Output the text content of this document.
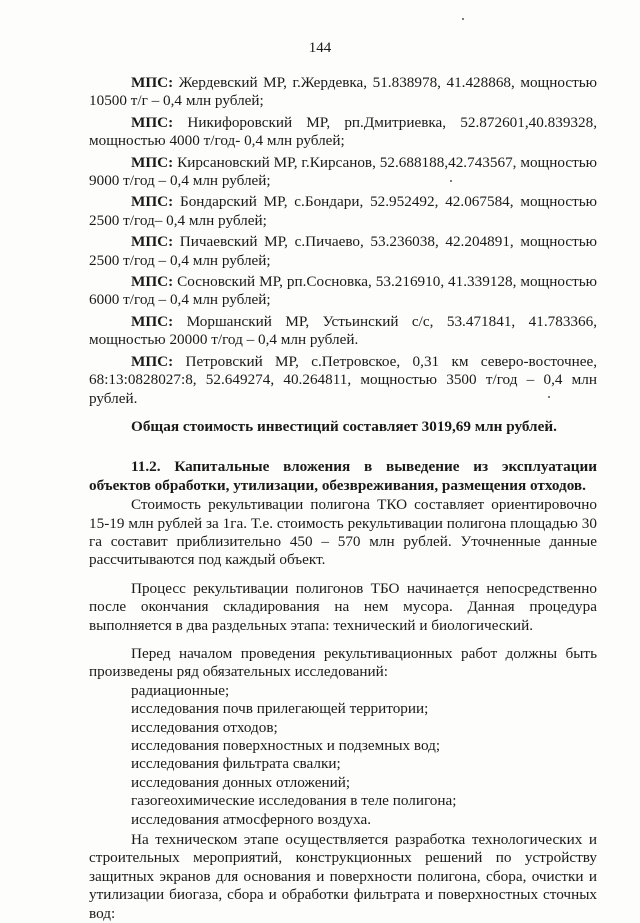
144

МПС: Жердевский МР, г.Жердевка, 51.838978, 41.428868, мощностью 10500 т/г – 0,4 млн рублей;

МПС: Никифоровский МР, рп.Дмитриевка, 52.872601,40.839328, мощностью 4000 т/год- 0,4 млн рублей;

МПС: Кирсановский МР, г.Кирсанов, 52.688188,42.743567, мощностью 9000 т/год – 0,4 млн рублей;

МПС: Бондарский МР, с.Бондари, 52.952492, 42.067584, мощностью 2500 т/год– 0,4 млн рублей;

МПС: Пичаевский МР, с.Пичаево, 53.236038, 42.204891, мощностью 2500 т/год – 0,4 млн рублей;

МПС: Сосновский МР, рп.Сосновка, 53.216910, 41.339128, мощностью 6000 т/год – 0,4 млн рублей;

МПС: Моршанский МР, Устьинский с/с, 53.471841, 41.783366, мощностью 20000 т/год – 0,4 млн рублей.

МПС: Петровский МР, с.Петровское, 0,31 км северо-восточнее, 68:13:0828027:8, 52.649274, 40.264811, мощностью 3500 т/год – 0,4 млн рублей.

Общая стоимость инвестиций составляет 3019,69 млн рублей.

11.2. Капитальные вложения в выведение из эксплуатации объектов обработки, утилизации, обезвреживания, размещения отходов.

Стоимость рекультивации полигона ТКО составляет ориентировочно 15-19 млн рублей за 1га. Т.е. стоимость рекультивации полигона площадью 30 га составит приблизительно 450 – 570 млн рублей. Уточненные данные рассчитываются под каждый объект.

Процесс рекультивации полигонов ТБО начинается непосредственно после окончания складирования на нем мусора. Данная процедура выполняется в два раздельных этапа: технический и биологический.

Перед началом проведения рекультивационных работ должны быть произведены ряд обязательных исследований:

радиационные;
исследования почв прилегающей территории;
исследования отходов;
исследования поверхностных и подземных вод;
исследования фильтрата свалки;
исследования донных отложений;
газогеохимические исследования в теле полигона;
исследования атмосферного воздуха.

На техническом этапе осуществляется разработка технологических и строительных мероприятий, конструкционных решений по устройству защитных экранов для основания и поверхности полигона, сбора, очистки и утилизации биогаза, сбора и обработки фильтрата и поверхностных сточных вод:
